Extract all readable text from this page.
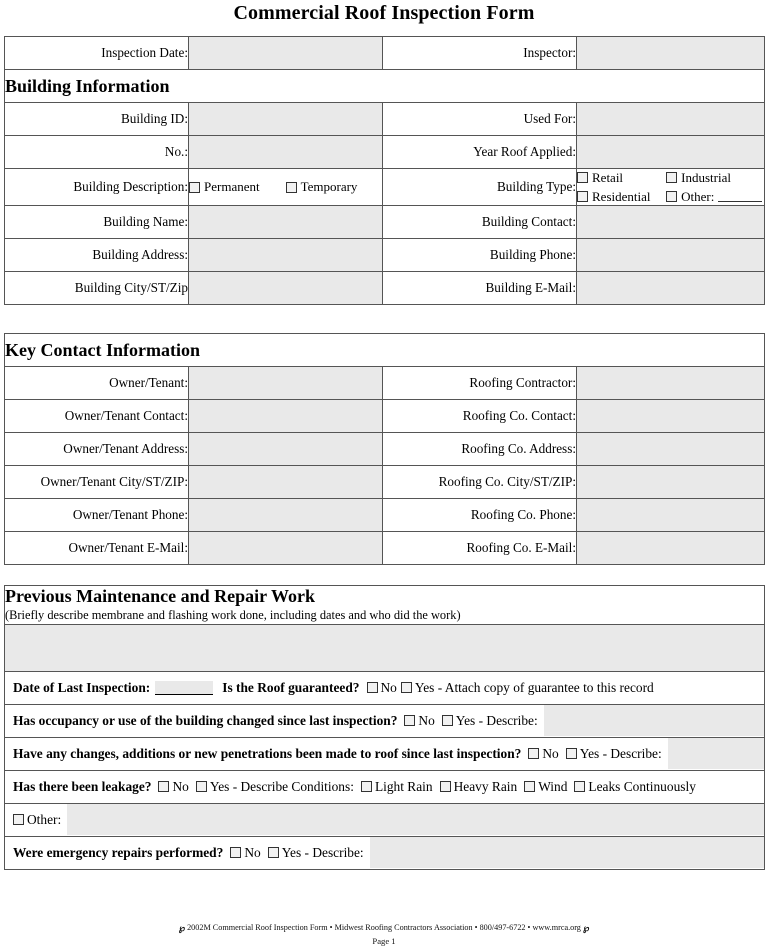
Commercial Roof Inspection Form
Inspection Date:		Inspector:	
Building Information			
Building ID:		Used For:	
No.:		Year Roof Applied:	
Building Description:	Permanent Temporary	Building Type:	Retail Industrial
Residential Other:

Building Name:		Building Contact:	
Building Address:		Building Phone:	
Building City/ST/Zip		Building E-Mail:	
Key Contact Information			
Owner/Tenant:		Roofing Contractor:	
Owner/Tenant Contact:		Roofing Co. Contact:	
Owner/Tenant Address:		Roofing Co. Address:	
Owner/Tenant City/ST/ZIP:		Roofing Co. City/ST/ZIP:	
Owner/Tenant Phone:		Roofing Co. Phone:	
Owner/Tenant E-Mail:		Roofing Co. E-Mail:	
Previous Maintenance and Repair Work
(Briefly describe membrane and flashing work done, including dates and who did the work)

Date of Last Inspection:	Is the Roof guaranteed? No Yes - Attach copy of guarantee to this record

Has occupancy or use of the building changed since last inspection? No Yes - Describe:

Have any changes, additions or new penetrations been made to roof since last inspection? No Yes - Describe:

Has there been leakage? No Yes - Describe Conditions: Light Rain Heavy Rain Wind Leaks Continuously

Other:

Were emergency repairs performed? No Yes - Describe:
℘ 2002M Commercial Roof Inspection Form • Midwest Roofing Contractors Association • 800/497-6722 • www.mrca.org ℘
Page 1
